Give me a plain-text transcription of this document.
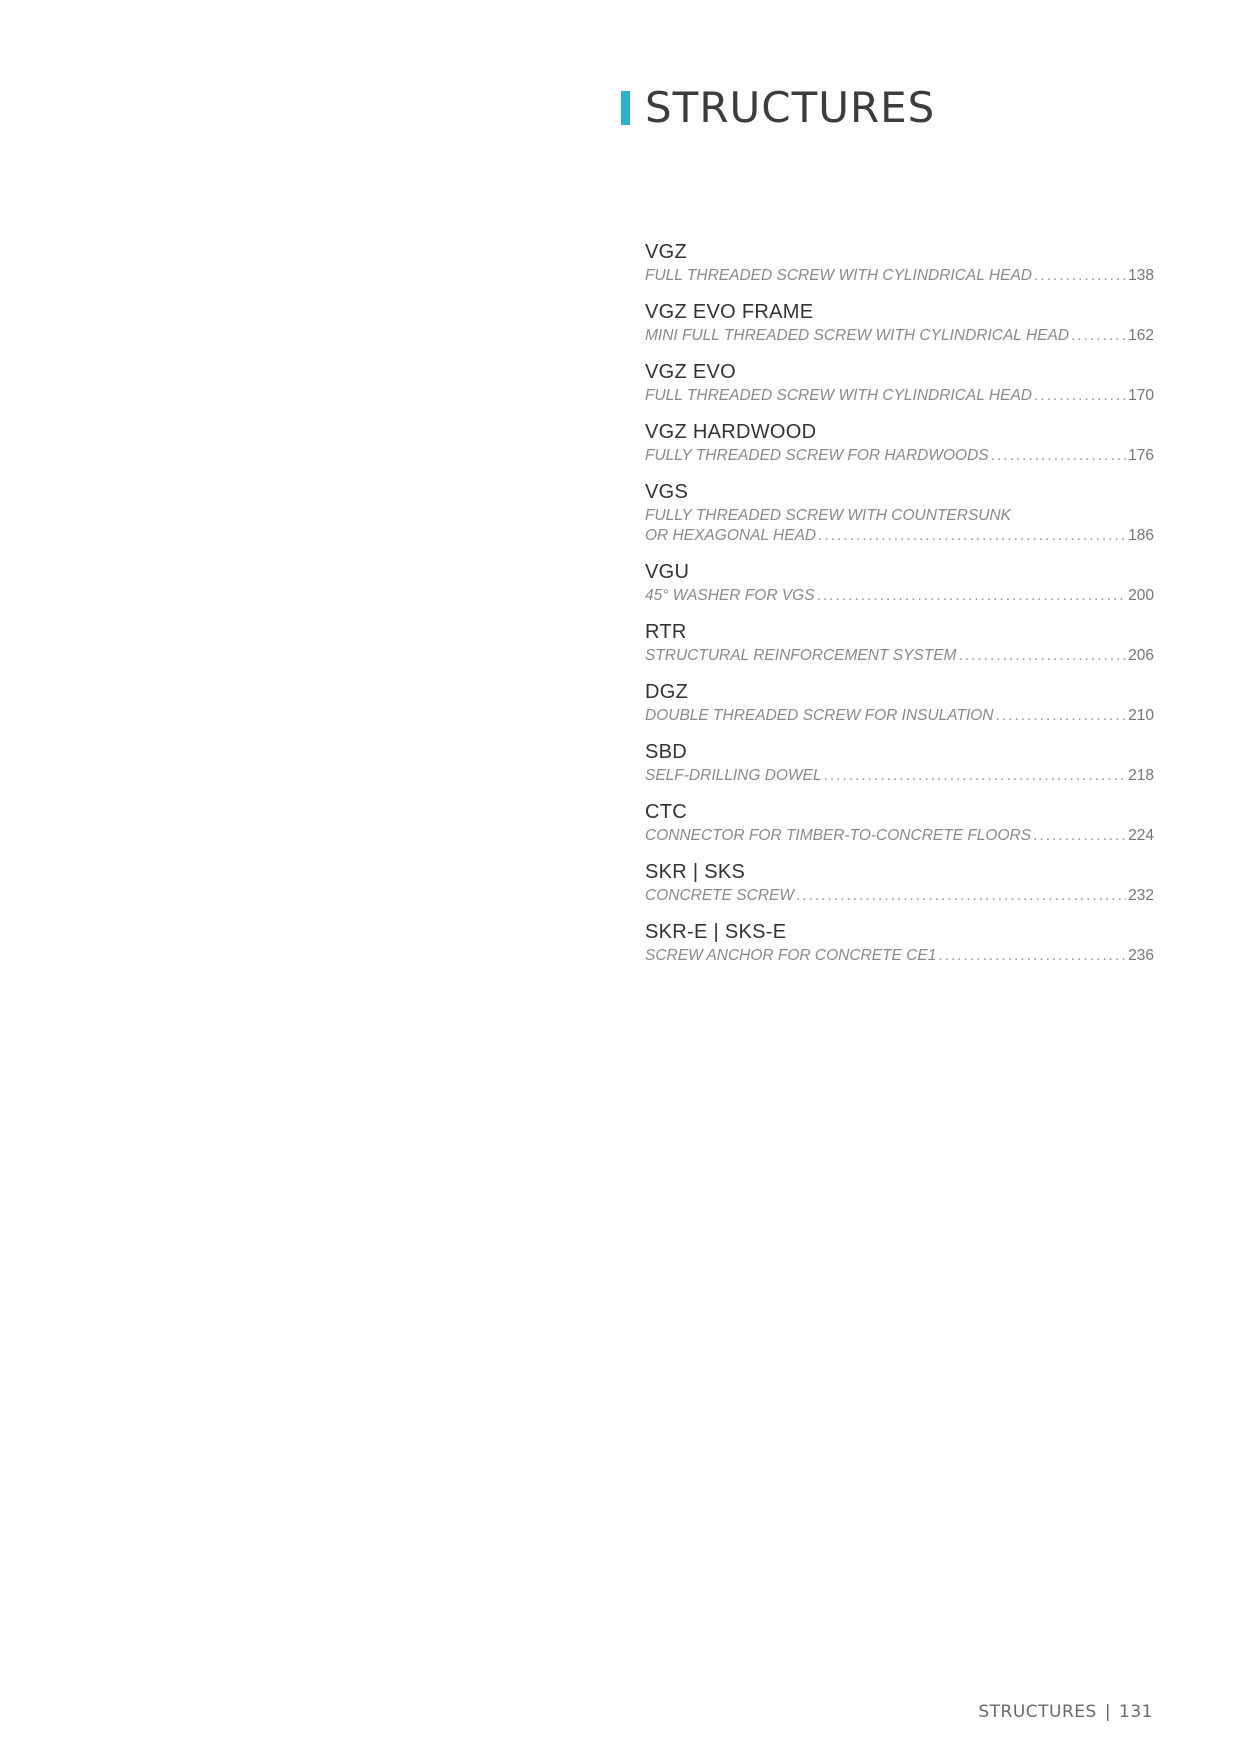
STRUCTURES
VGZ
FULL THREADED SCREW WITH CYLINDRICAL HEAD .....	138
VGZ EVO FRAME
MINI FULL THREADED SCREW WITH CYLINDRICAL HEAD .....	162
VGZ EVO
FULL THREADED SCREW WITH CYLINDRICAL HEAD .....	170
VGZ HARDWOOD
FULLY THREADED SCREW FOR HARDWOODS .....	176
VGS
FULLY THREADED SCREW WITH COUNTERSUNK
OR HEXAGONAL HEAD .....	186
VGU
45° WASHER FOR VGS .....	200
RTR
STRUCTURAL REINFORCEMENT SYSTEM .....	206
DGZ
DOUBLE THREADED SCREW FOR INSULATION .....	210
SBD
SELF-DRILLING DOWEL .....	218
CTC
CONNECTOR FOR TIMBER-TO-CONCRETE FLOORS .....	224
SKR | SKS
CONCRETE SCREW .....	232
SKR-E | SKS-E
SCREW ANCHOR FOR CONCRETE CE1 .....	236
STRUCTURES | 131
